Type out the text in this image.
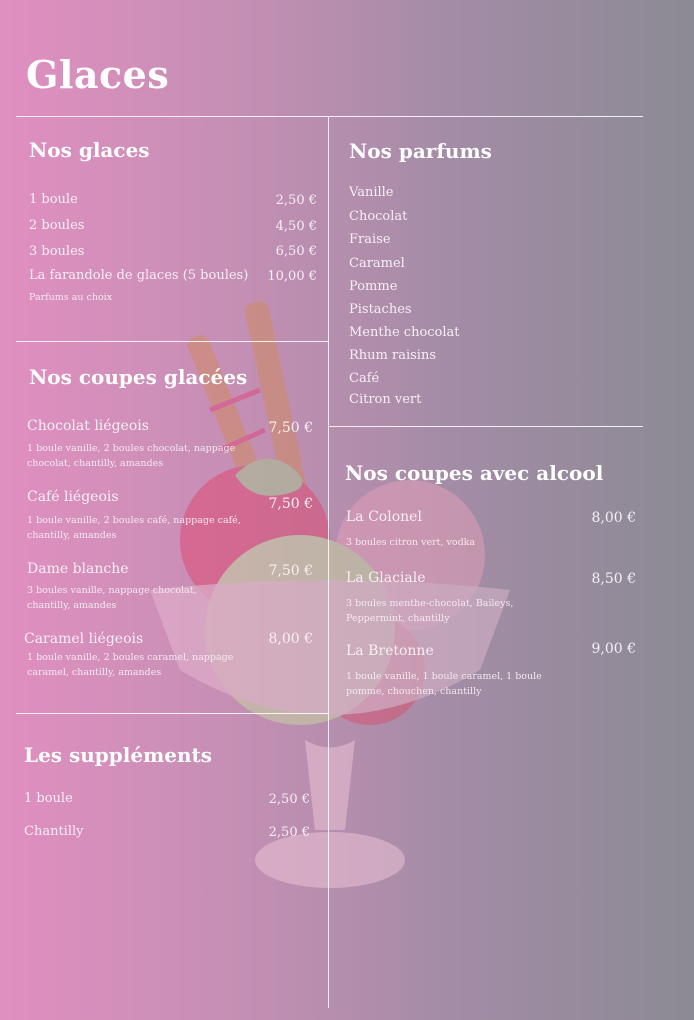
Glaces
Nos glaces
1 boule	2,50 €
2 boules	4,50 €
3 boules	6,50 €
La farandole de glaces (5 boules) 10,00 €
Parfums au choix
Nos parfums
Vanille
Chocolat
Fraise
Caramel
Pomme
Pistaches
Menthe chocolat
Rhum raisins
Café
Citron vert
Nos coupes glacées
Chocolat liégeois	7,50 €
1 boule vanille, 2 boules chocolat, nappage chocolat, chantilly, amandes
Café liégeois	7,50 €
1 boule vanille, 2 boules café, nappage café, chantilly, amandes
Dame blanche	7,50 €
3 boules vanille, nappage chocolat, chantilly, amandes
Caramel liégeois	8,00 €
1 boule vanille, 2 boules caramel, nappage caramel, chantilly, amandes
Nos coupes avec alcool
La Colonel	8,00 €
3 boules citron vert, vodka
La Glaciale	8,50 €
3 boules menthe-chocolat, Baileys, Peppermint, chantilly
La Bretonne	9,00 €
1 boule vanille, 1 boule caramel, 1 boule pomme, chouchen, chantilly
Les suppléments
1 boule	2,50 €
Chantilly	2,50 €
